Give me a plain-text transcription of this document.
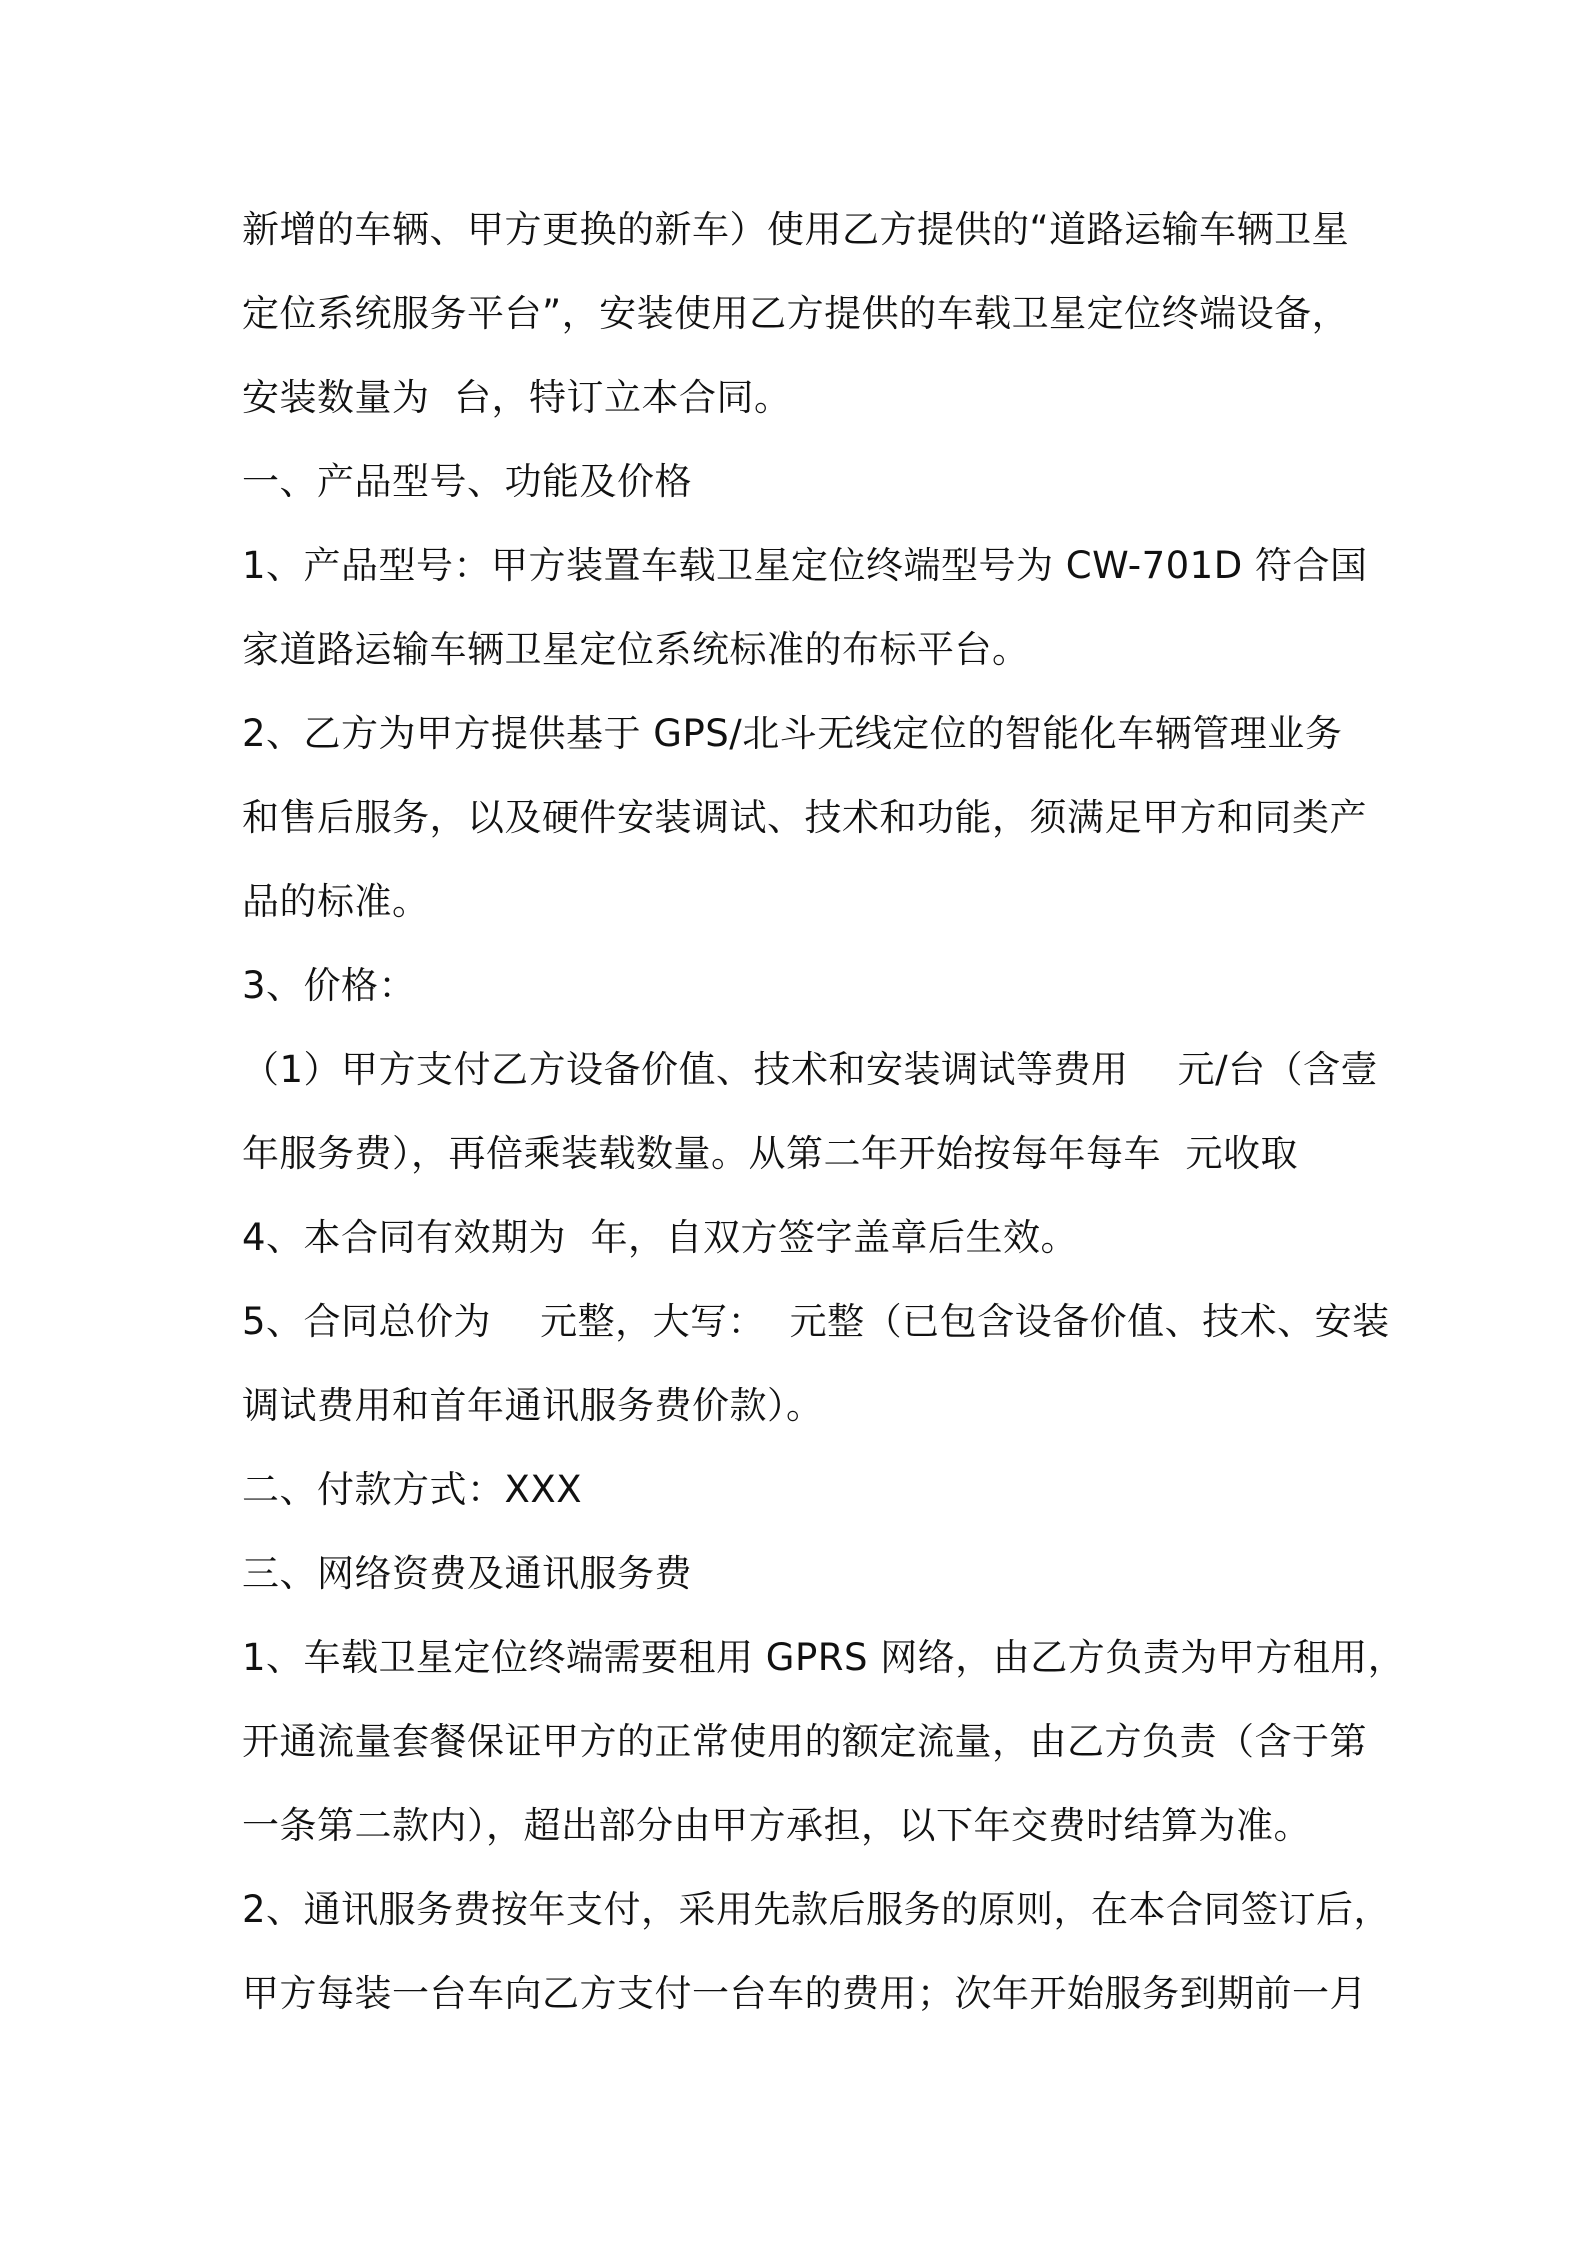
新增的车辆、甲方更换的新车）使用乙方提供的“道路运输车辆卫星
定位系统服务平台”，安装使用乙方提供的车载卫星定位终端设备，
安装数量为  台，特订立本合同。
一、产品型号、功能及价格
1、产品型号：甲方装置车载卫星定位终端型号为 CW-701D 符合国
家道路运输车辆卫星定位系统标准的布标平台。
2、乙方为甲方提供基于 GPS/北斗无线定位的智能化车辆管理业务
和售后服务，以及硬件安装调试、技术和功能，须满足甲方和同类产
品的标准。
3、价格：
（1）甲方支付乙方设备价值、技术和安装调试等费用    元/台（含壹
年服务费），再倍乘装载数量。从第二年开始按每年每车  元收取
4、本合同有效期为  年，自双方签字盖章后生效。
5、合同总价为    元整，大写：  元整（已包含设备价值、技术、安装
调试费用和首年通讯服务费价款）。
二、付款方式：XXX
三、网络资费及通讯服务费
1、车载卫星定位终端需要租用 GPRS 网络，由乙方负责为甲方租用，
开通流量套餐保证甲方的正常使用的额定流量，由乙方负责（含于第
一条第二款内），超出部分由甲方承担，以下年交费时结算为准。
2、通讯服务费按年支付，采用先款后服务的原则，在本合同签订后，
甲方每装一台车向乙方支付一台车的费用；次年开始服务到期前一月
